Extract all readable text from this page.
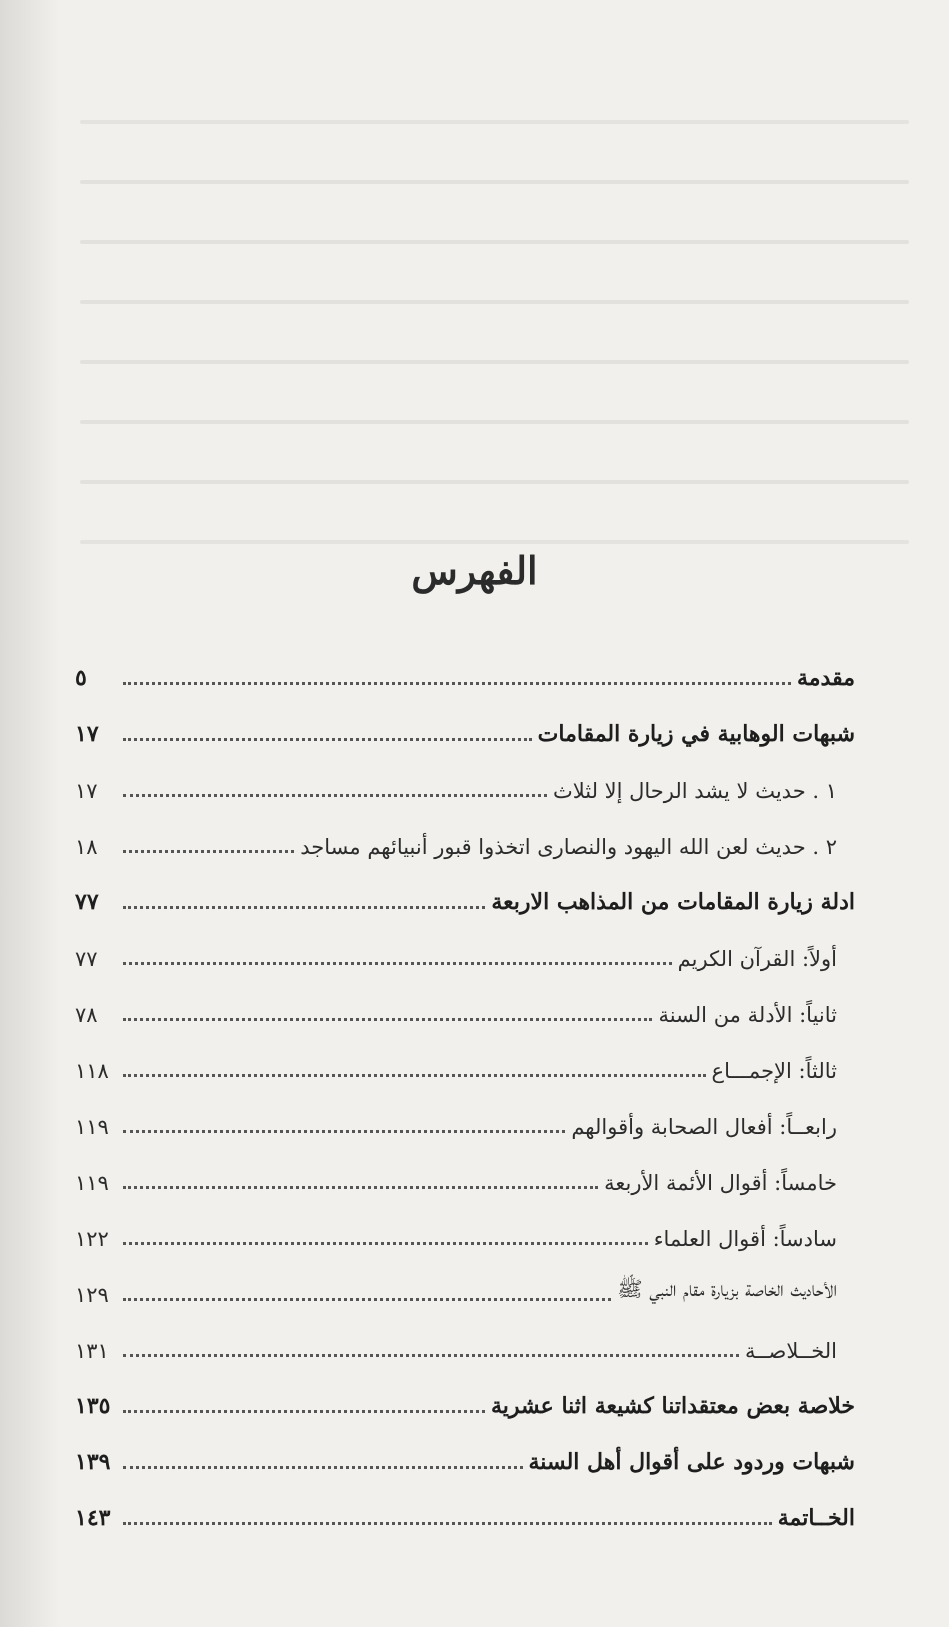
الفهرس
مقدمة
٥
شبهات الوهابية في زيارة المقامات
١٧
١ . حديث لا يشد الرحال إلا لثلاث
١٧
٢ . حديث لعن الله اليهود والنصارى اتخذوا قبور أنبيائهم مساجد
١٨
ادلة زيارة المقامات من المذاهب الاربعة
٧٧
أولاً: القرآن الكريم
٧٧
ثانياً: الأدلة من السنة
٧٨
ثالثاً: الإجمـــاع
١١٨
رابعــاً: أفعال الصحابة وأقوالهم
١١٩
خامساً: أقوال الأئمة الأربعة
١١٩
سادساً: أقوال العلماء
١٢٢
الأحاديث الخاصة بزيارة مقام النبي ﷺ
١٢٩
الخــلاصــة
١٣١
خلاصة بعض معتقداتنا كشيعة اثنا عشرية
١٣٥
شبهات وردود على أقوال أهل السنة
١٣٩
الخــاتمة
١٤٣
